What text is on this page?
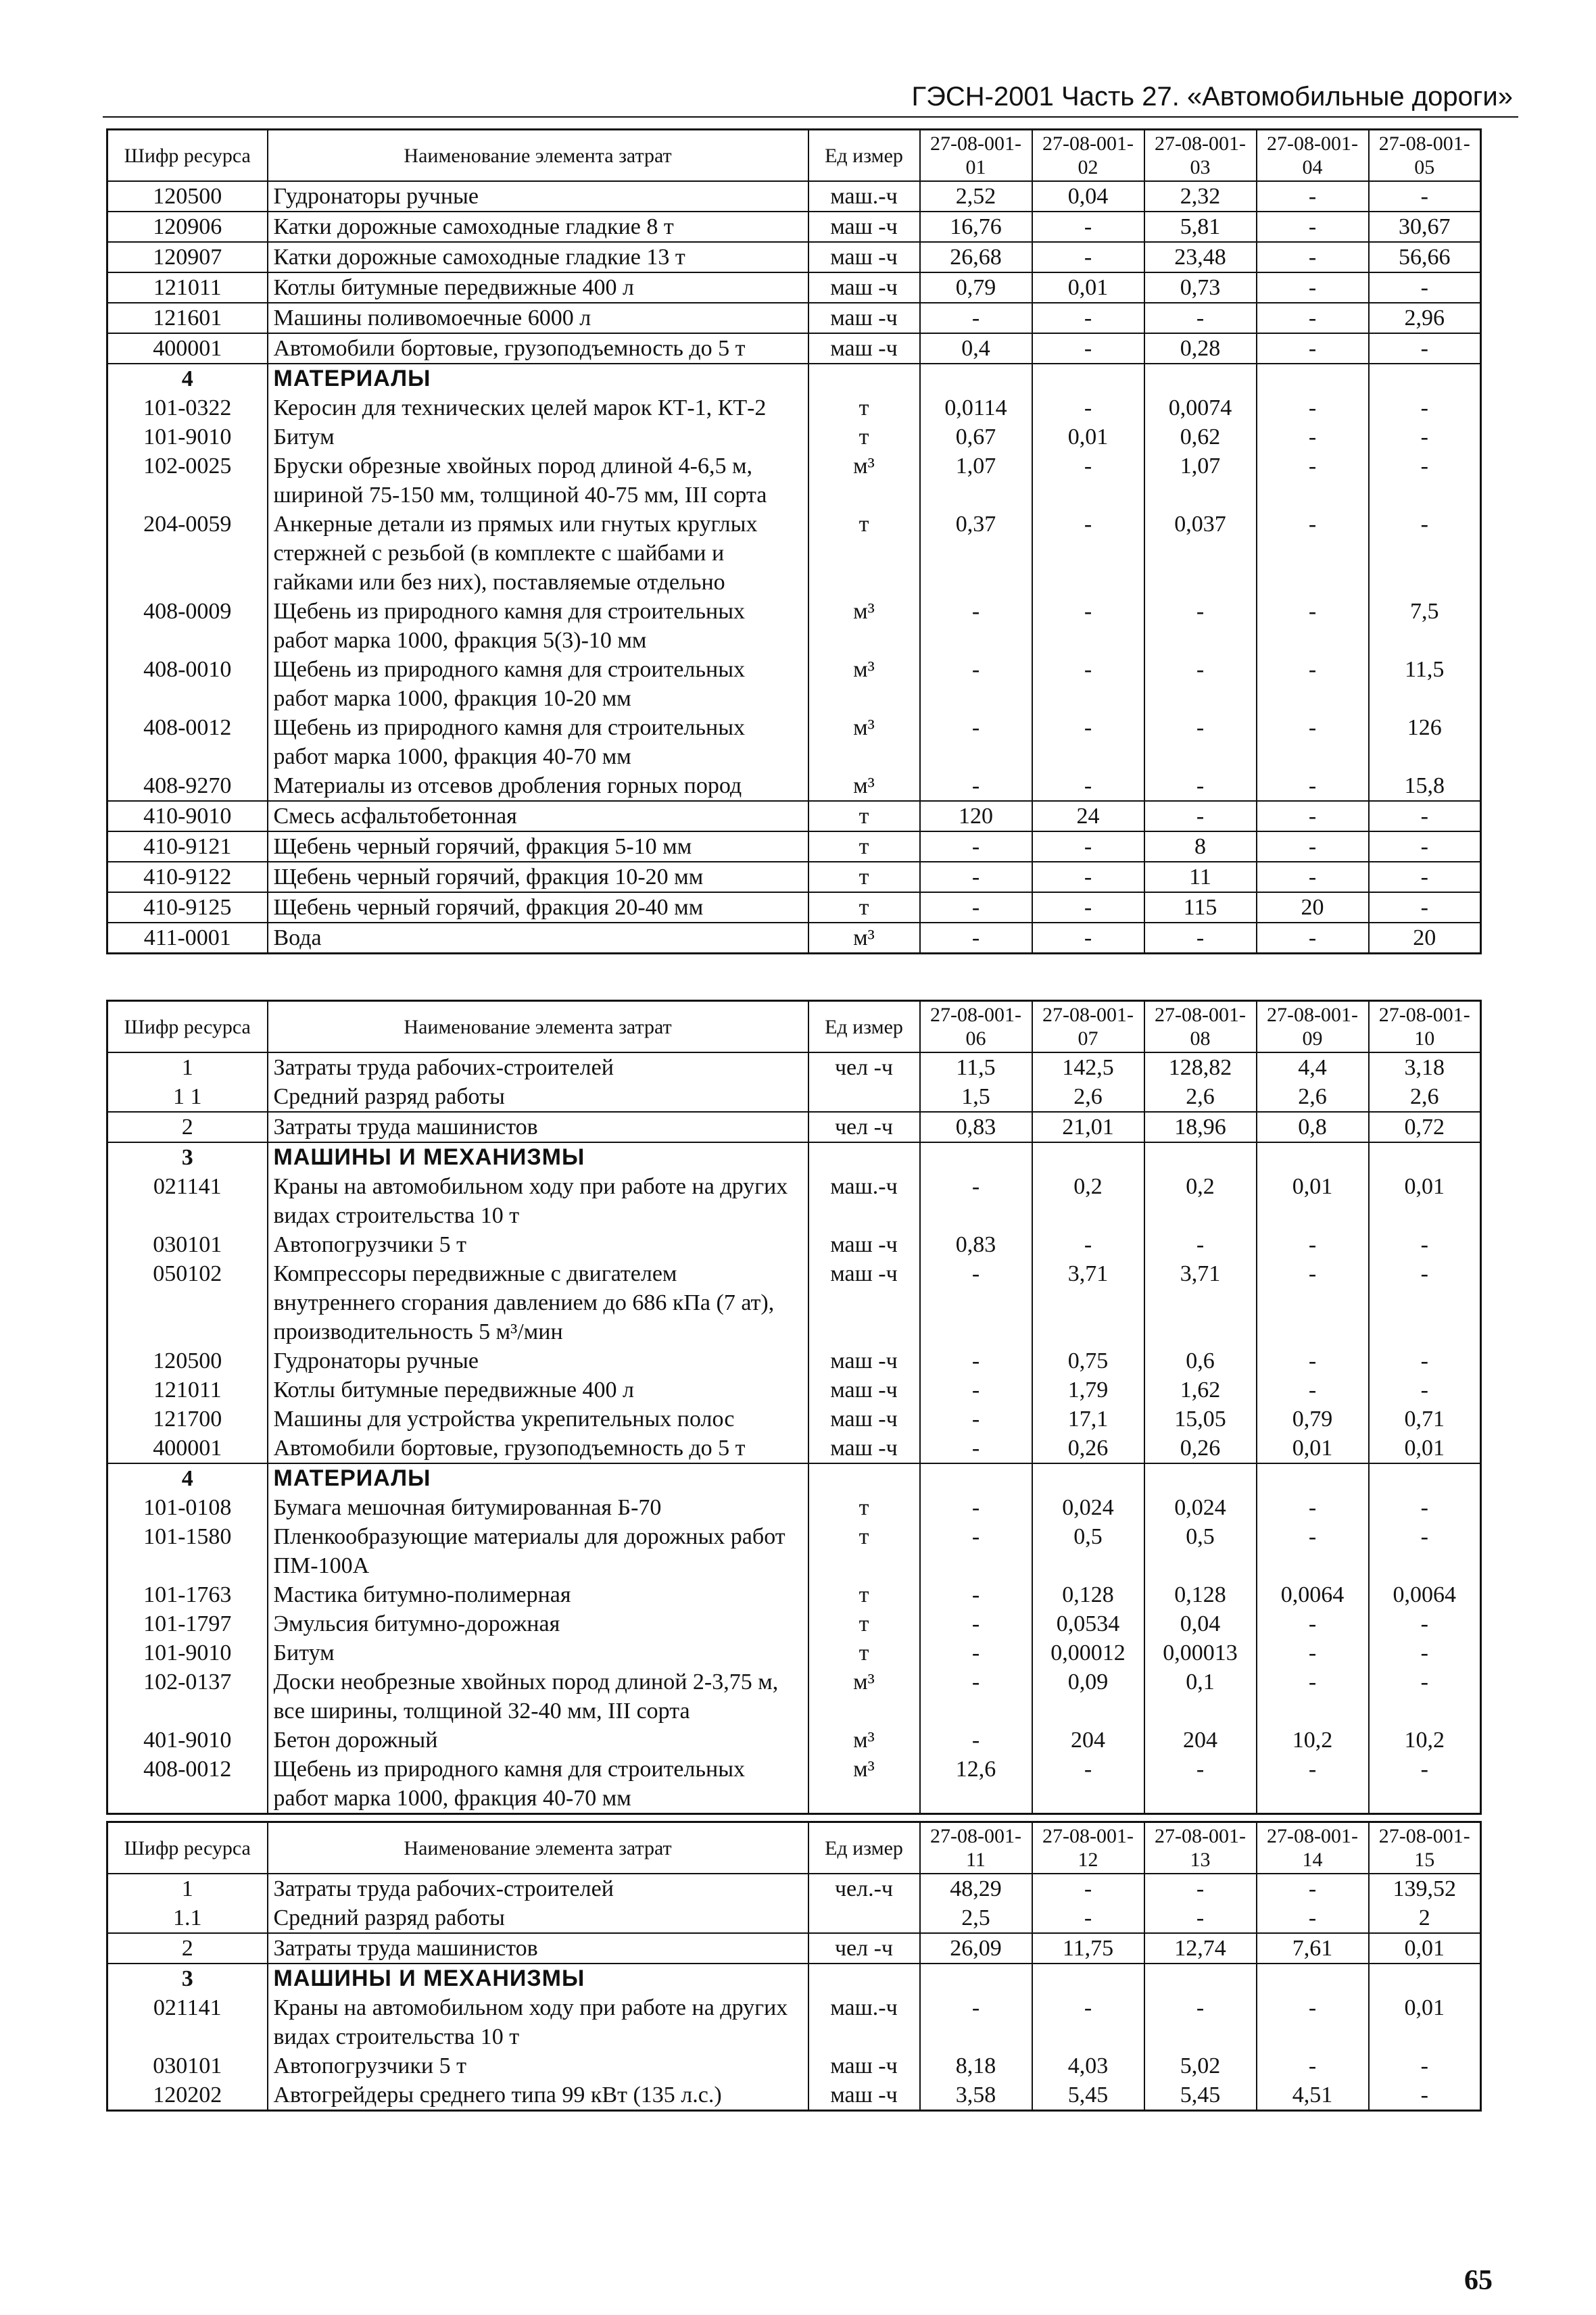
ГЭСН-2001 Часть 27. «Автомобильные дороги»
Шифр ресурса	Наименование элемента затрат	Ед измер	27-08-001-01	27-08-001-02	27-08-001-03	27-08-001-04	27-08-001-05
120500	Гудронаторы ручные	маш.-ч	2,52	0,04	2,32	-	-
120906	Катки дорожные самоходные гладкие 8 т	маш -ч	16,76	-	5,81	-	30,67
120907	Катки дорожные самоходные гладкие 13 т	маш -ч	26,68	-	23,48	-	56,66
121011	Котлы битумные передвижные 400 л	маш -ч	0,79	0,01	0,73	-	-
121601	Машины поливомоечные 6000 л	маш -ч	-	-	-	-	2,96
400001	Автомобили бортовые, грузоподъемность до 5 т	маш -ч	0,4	-	0,28	-	-
4	МАТЕРИАЛЫ						
101-0322	Керосин для технических целей марок КТ-1, КТ-2	т	0,0114	-	0,0074	-	-
101-9010	Битум	т	0,67	0,01	0,62	-	-
102-0025	Бруски обрезные хвойных пород длиной 4-6,5 м, шириной 75-150 мм, толщиной 40-75 мм, III сорта	м³	1,07	-	1,07	-	-
204-0059	Анкерные детали из прямых или гнутых круглых стержней с резьбой (в комплекте с шайбами и гайками или без них), поставляемые отдельно	т	0,37	-	0,037	-	-
408-0009	Щебень из природного камня для строительных работ марка 1000, фракция 5(3)-10 мм	м³	-	-	-	-	7,5
408-0010	Щебень из природного камня для строительных работ марка 1000, фракция 10-20 мм	м³	-	-	-	-	11,5
408-0012	Щебень из природного камня для строительных работ марка 1000, фракция 40-70 мм	м³	-	-	-	-	126
408-9270	Материалы из отсевов дробления горных пород	м³	-	-	-	-	15,8
410-9010	Смесь асфальтобетонная	т	120	24	-	-	-
410-9121	Щебень черный горячий, фракция 5-10 мм	т	-	-	8	-	-
410-9122	Щебень черный горячий, фракция 10-20 мм	т	-	-	11	-	-
410-9125	Щебень черный горячий, фракция 20-40 мм	т	-	-	115	20	-
411-0001	Вода	м³	-	-	-	-	20
Шифр ресурса	Наименование элемента затрат	Ед измер	27-08-001-06	27-08-001-07	27-08-001-08	27-08-001-09	27-08-001-10
1	Затраты труда рабочих-строителей	чел -ч	11,5	142,5	128,82	4,4	3,18
1 1	Средний разряд работы		1,5	2,6	2,6	2,6	2,6
2	Затраты труда машинистов	чел -ч	0,83	21,01	18,96	0,8	0,72
3	МАШИНЫ И МЕХАНИЗМЫ						
021141	Краны на автомобильном ходу при работе на других видах строительства 10 т	маш.-ч	-	0,2	0,2	0,01	0,01
030101	Автопогрузчики 5 т	маш -ч	0,83	-	-	-	-
050102	Компрессоры передвижные с двигателем внутреннего сгорания давлением до 686 кПа (7 ат), производительность 5 м³/мин	маш -ч	-	3,71	3,71	-	-
120500	Гудронаторы ручные	маш -ч	-	0,75	0,6	-	-
121011	Котлы битумные передвижные 400 л	маш -ч	-	1,79	1,62	-	-
121700	Машины для устройства укрепительных полос	маш -ч	-	17,1	15,05	0,79	0,71
400001	Автомобили бортовые, грузоподъемность до 5 т	маш -ч	-	0,26	0,26	0,01	0,01
4	МАТЕРИАЛЫ						
101-0108	Бумага мешочная битумированная Б-70	т	-	0,024	0,024	-	-
101-1580	Пленкообразующие материалы для дорожных работ ПМ-100А	т	-	0,5	0,5	-	-
101-1763	Мастика битумно-полимерная	т	-	0,128	0,128	0,0064	0,0064
101-1797	Эмульсия битумно-дорожная	т	-	0,0534	0,04	-	-
101-9010	Битум	т	-	0,00012	0,00013	-	-
102-0137	Доски необрезные хвойных пород длиной 2-3,75 м, все ширины, толщиной 32-40 мм, III сорта	м³	-	0,09	0,1	-	-
401-9010	Бетон дорожный	м³	-	204	204	10,2	10,2
408-0012	Щебень из природного камня для строительных работ марка 1000, фракция 40-70 мм	м³	12,6	-	-	-	-
Шифр ресурса	Наименование элемента затрат	Ед измер	27-08-001-11	27-08-001-12	27-08-001-13	27-08-001-14	27-08-001-15
1	Затраты труда рабочих-строителей	чел.-ч	48,29	-	-	-	139,52
1.1	Средний разряд работы		2,5	-	-	-	2
2	Затраты труда машинистов	чел -ч	26,09	11,75	12,74	7,61	0,01
3	МАШИНЫ И МЕХАНИЗМЫ						
021141	Краны на автомобильном ходу при работе на других видах строительства 10 т	маш.-ч	-	-	-	-	0,01
030101	Автопогрузчики 5 т	маш -ч	8,18	4,03	5,02	-	-
120202	Автогрейдеры среднего типа 99 кВт (135 л.с.)	маш -ч	3,58	5,45	5,45	4,51	-
65
